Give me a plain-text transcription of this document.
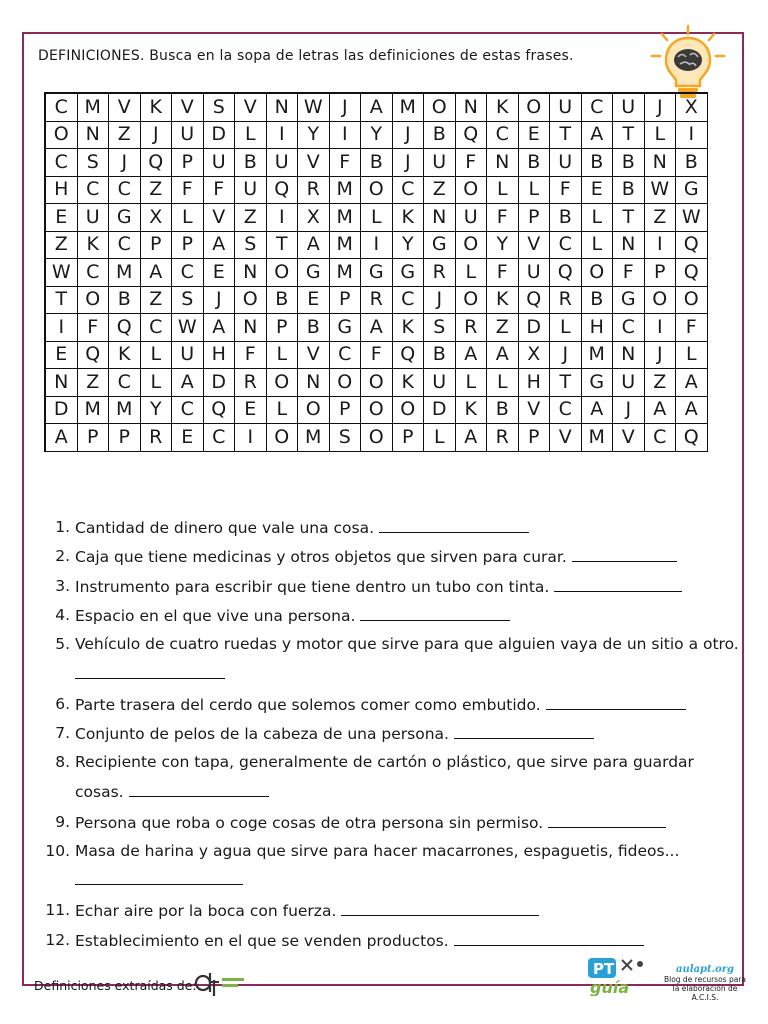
DEFINICIONES. Busca en la sopa de letras las definiciones de estas frases.
C M V K V S V N W	J	A M O N K O U C U	J	X
O N Z	J	U D L	I	Y	I	Y	J	B Q C E	T	A	T	L	I
C S	J	Q P U B U V	F	B	J	U	F N B U B B N B
H C C Z	F	F	U Q R M O C Z O L	L	F	E B W G
E U G X	L	V Z	I	X M L	K N U	F	P	B	L	T	Z W
Z K C	P	P	A S	T	A M	I	Y G O Y	V C	L	N	I	Q
W C M A C E N O G M G G R	L	F	U Q O F	P Q
T O B Z S	J	O B E	P	R C	J	O K Q R B G O O
I	F Q C W A N P	B G A K	S R Z D L	H C	I	F
E Q K	L	U H F	L	V C	F Q B A A X	J	M N	J	L
N Z C	L	A D R O N O O K U	L	L	H T G U Z A
D M M Y	C Q E	L O P O O D K B V C A	J	A A
A	P	P	R E C	I	O M S O P	L	A R	P	V M V C Q
1. Cantidad de dinero que vale una cosa.
2. Caja que tiene medicinas y otros objetos que sirven para curar.
3. Instrumento para escribir que tiene dentro un tubo con tinta.
4. Espacio en el que vive una persona.
5. Vehículo de cuatro ruedas y motor que sirve para que alguien vaya de un sitio a otro.
6. Parte trasera del cerdo que solemos comer como embutido.
7. Conjunto de pelos de la cabeza de una persona.
8. Recipiente con tapa, generalmente de cartón o plástico, que sirve para guardar cosas.
9. Persona que roba o coge cosas de otra persona sin permiso.
10. Masa de harina y agua que sirve para hacer macarrones, espaguetis, fideos...

11. Echar aire por la boca con fuerza.
12. Establecimiento en el que se venden productos.
Definiciones extraídas de:
PT
guía
aulapt.org
Blog de recursos para la elaboración de A.C.I.S.
